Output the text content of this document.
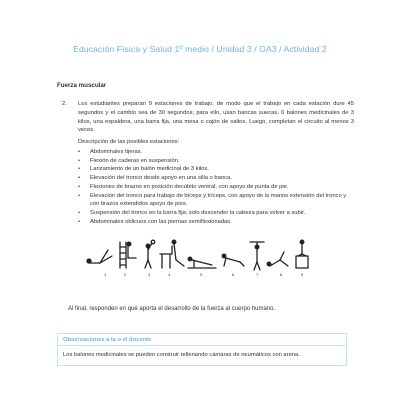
Educación Física y Salud 1º medio / Unidad 3 / OA3 / Actividad 2
Fuerza muscular
2. Los estudiantes preparan 9 estaciones de trabajo, de modo que el trabajo en cada estación dure 45 segundos y el cambio sea de 30 segundos; para ello, usan bancas suecas, 6 balones medicinales de 3 kilos, una espaldera, una barra fija, una mesa o cajón de saltos. Luego, completan el circuito al menos 3 veces.
Descripción de las posibles estaciones:
• Abdominales tijeras.
• Flexión de caderas en suspensión.
• Lanzamiento de un balón medicinal de 3 kilos.
• Elevación del tronco desde apoyo en una silla o banca.
• Flexiones de brazos en posición decúbito ventral, con apoyo de punta de pie.
• Elevación del tronco para trabajo de bíceps y tríceps, con apoyo de la manos extensión del tronco y con brazos extendidos apoyo de pies.
• Suspensión del tronco en la barra fija; solo descender la cabeza para volver a subir.
• Abdominales oblicuos con las piernas semiflexionadas.
1	2	3	4	5	6	7	8	9
Al final, responden en qué aporta el desarrollo de la fuerza al cuerpo humano.
Observaciones a la o el docente
Los balones medicinales se pueden construir rellenando cámaras de neumáticos con arena.
